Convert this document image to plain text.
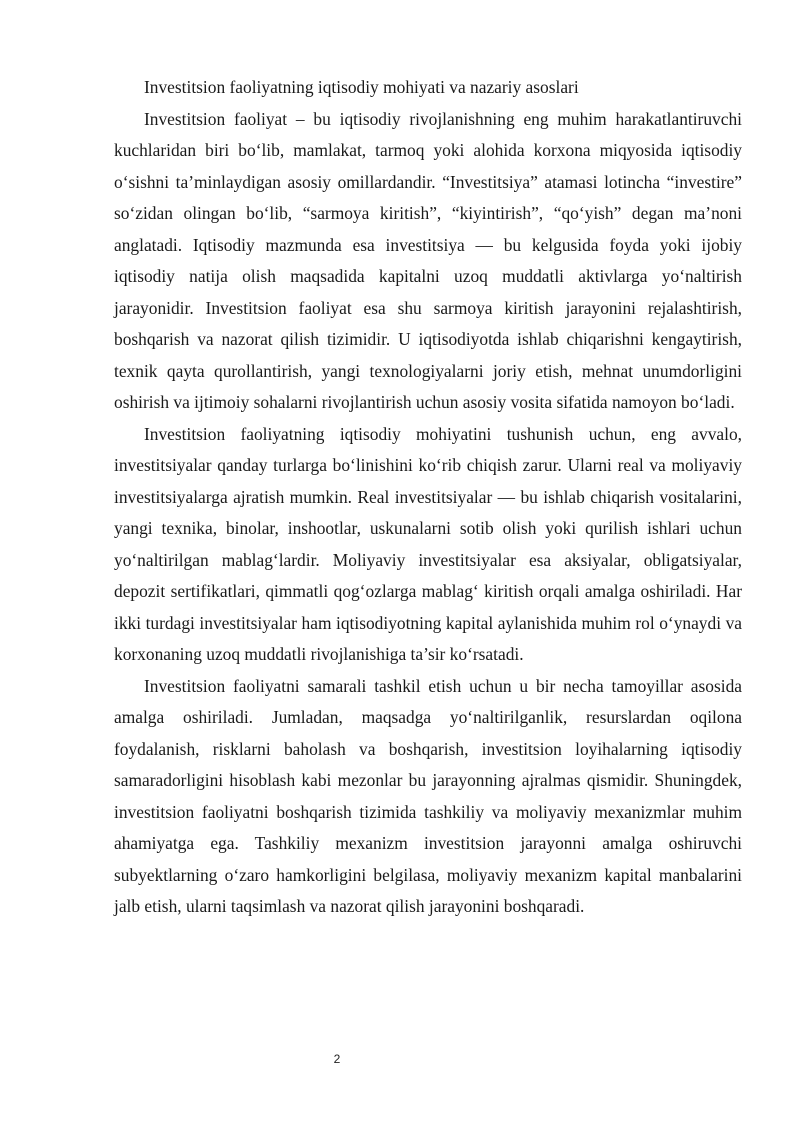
Investitsion faoliyatning iqtisodiy mohiyati va nazariy asoslari

Investitsion faoliyat – bu iqtisodiy rivojlanishning eng muhim harakatlantiruvchi kuchlaridan biri bo‘lib, mamlakat, tarmoq yoki alohida korxona miqyosida iqtisodiy o‘sishni ta’minlaydigan asosiy omillardandir. “Investitsiya” atamasi lotincha “investire” so‘zidan olingan bo‘lib, “sarmoya kiritish”, “kiyintirish”, “qo‘yish” degan ma’noni anglatadi. Iqtisodiy mazmunda esa investitsiya — bu kelgusida foyda yoki ijobiy iqtisodiy natija olish maqsadida kapitalni uzoq muddatli aktivlarga yo‘naltirish jarayonidir. Investitsion faoliyat esa shu sarmoya kiritish jarayonini rejalashtirish, boshqarish va nazorat qilish tizimidir. U iqtisodiyotda ishlab chiqarishni kengaytirish, texnik qayta qurollantirish, yangi texnologiyalarni joriy etish, mehnat unumdorligini oshirish va ijtimoiy sohalarni rivojlantirish uchun asosiy vosita sifatida namoyon bo‘ladi.

Investitsion faoliyatning iqtisodiy mohiyatini tushunish uchun, eng avvalo, investitsiyalar qanday turlarga bo‘linishini ko‘rib chiqish zarur. Ularni real va moliyaviy investitsiyalarga ajratish mumkin. Real investitsiyalar — bu ishlab chiqarish vositalarini, yangi texnika, binolar, inshootlar, uskunalarni sotib olish yoki qurilish ishlari uchun yo‘naltirilgan mablag‘lardir. Moliyaviy investitsiyalar esa aksiyalar, obligatsiyalar, depozit sertifikatlari, qimmatli qog‘ozlarga mablag‘ kiritish orqali amalga oshiriladi. Har ikki turdagi investitsiyalar ham iqtisodiyotning kapital aylanishida muhim rol o‘ynaydi va korxonaning uzoq muddatli rivojlanishiga ta’sir ko‘rsatadi.

Investitsion faoliyatni samarali tashkil etish uchun u bir necha tamoyillar asosida amalga oshiriladi. Jumladan, maqsadga yo‘naltirilganlik, resurslardan oqilona foydalanish, risklarni baholash va boshqarish, investitsion loyihalarning iqtisodiy samaradorligini hisoblash kabi mezonlar bu jarayonning ajralmas qismidir. Shuningdek, investitsion faoliyatni boshqarish tizimida tashkiliy va moliyaviy mexanizmlar muhim ahamiyatga ega. Tashkiliy mexanizm investitsion jarayonni amalga oshiruvchi subyektlarning o‘zaro hamkorligini belgilasa, moliyaviy mexanizm kapital manbalarini jalb etish, ularni taqsimlash va nazorat qilish jarayonini boshqaradi.

2
